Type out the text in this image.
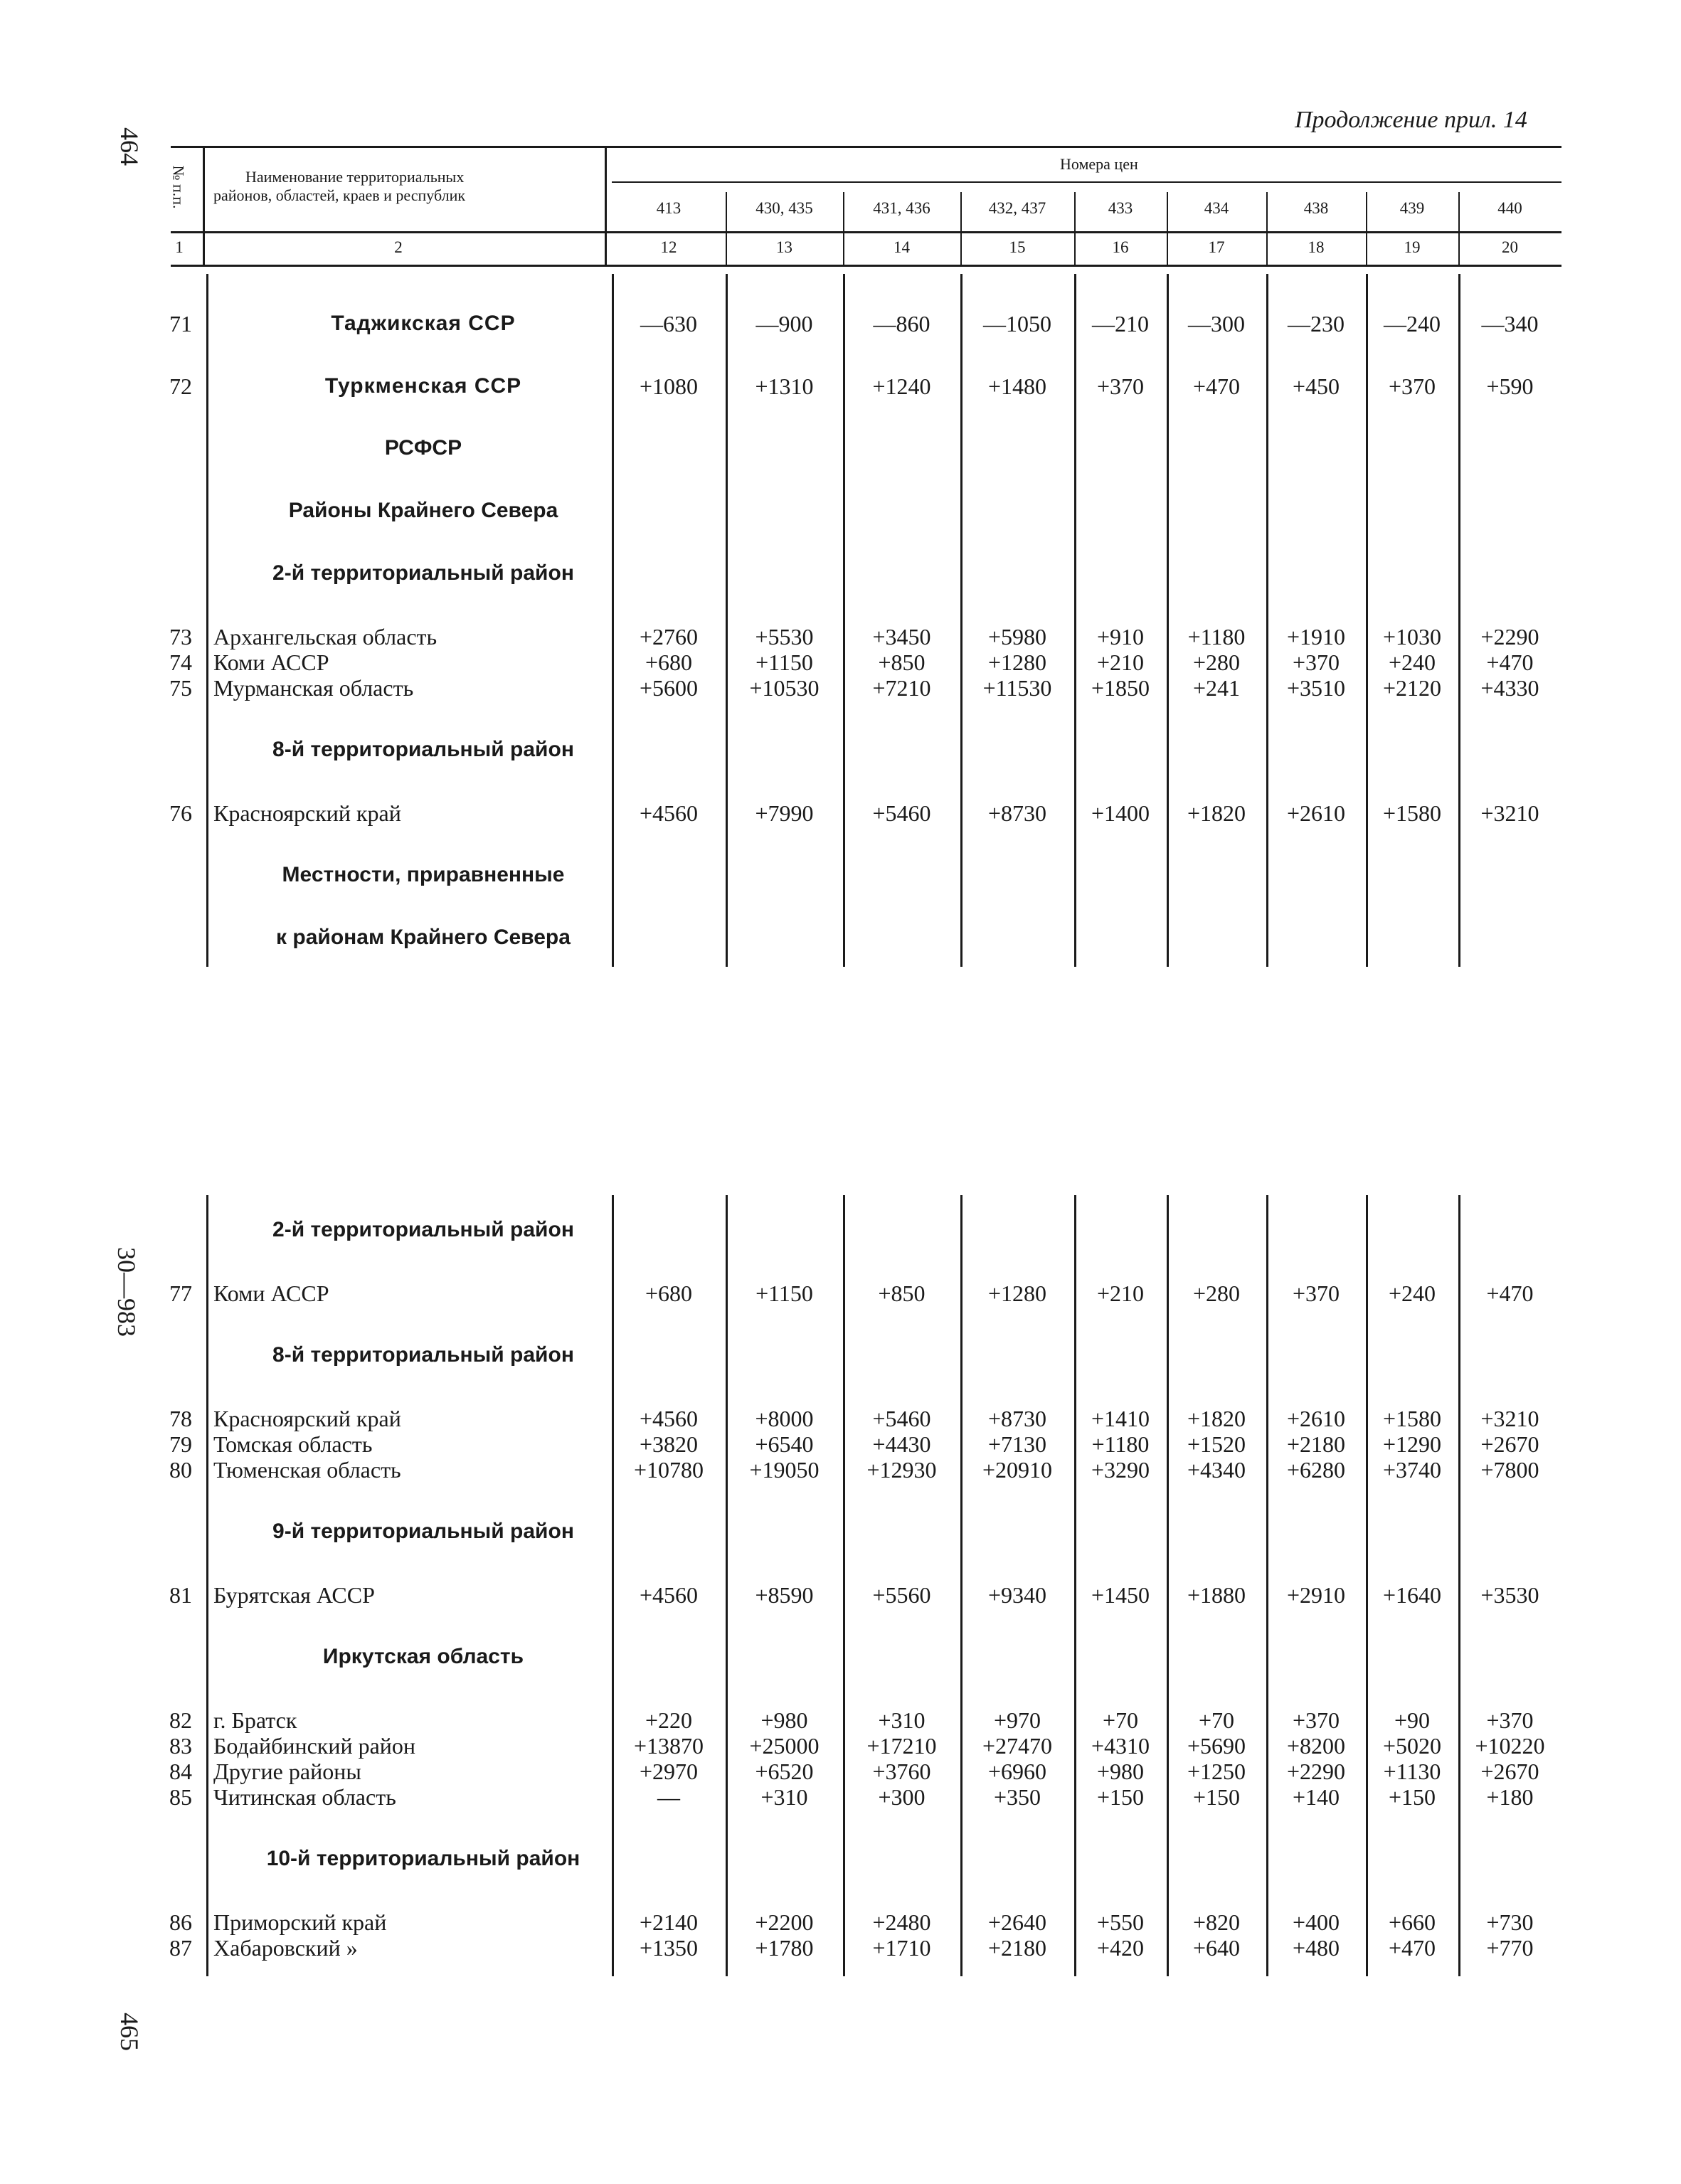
464
30—983
465
Продолжение прил. 14
№ п.п.	Наименование территориальных
районов, областей, краев и республик
Номера цен
413	430, 435	431, 436	432, 437	433	434	438	439	440
1	2	12	13	14	15	16	17	18	19	20
71	Таджикская ССР	—630	—900	—860	—1050	—210	—300	—230	—240	—340
72	Туркменская ССР	+1080	+1310	+1240	+1480	+370	+470	+450	+370	+590
РСФСР
Районы Крайнего Севера
2-й территориальный район
73 Архангельская область	+2760	+5530	+3450	+5980	+910	+1180	+1910	+1030	+2290
74 Коми АССР	+680	+1150	+850	+1280	+210	+280	+370	+240	+470
75 Мурманская область	+5600	+10530	+7210	+11530	+1850	+241	+3510	+2120	+4330
8-й территориальный район
76 Красноярский край	+4560	+7990	+5460	+8730	+1400	+1820	+2610	+1580	+3210
Местности, приравненные
к районам Крайнего Севера
2-й территориальный район
77 Коми АССР	+680	+1150	+850	+1280	+210	+280	+370	+240	+470
8-й территориальный район
78 Красноярский край	+4560	+8000	+5460	+8730	+1410	+1820	+2610	+1580	+3210
79 Томская область	+3820	+6540	+4430	+7130	+1180	+1520	+2180	+1290	+2670
80 Тюменская область	+10780	+19050	+12930	+20910	+3290	+4340	+6280	+3740	+7800
9-й территориальный район
81 Бурятская АССР	+4560	+8590	+5560	+9340	+1450	+1880	+2910	+1640	+3530
Иркутская область
82 г. Братск	+220	+980	+310	+970	+70	+70	+370	+90	+370
83 Бодайбинский район	+13870	+25000	+17210	+27470	+4310	+5690	+8200	+5020	+10220
84 Другие районы	+2970	+6520	+3760	+6960	+980	+1250	+2290	+1130	+2670
85 Читинская область	—	+310	+300	+350	+150	+150	+140	+150	+180
10-й территориальный район
86 Приморский край	+2140	+2200	+2480	+2640	+550	+820	+400	+660	+730
87 Хабаровский »	+1350	+1780	+1710	+2180	+420	+640	+480	+470	+770
